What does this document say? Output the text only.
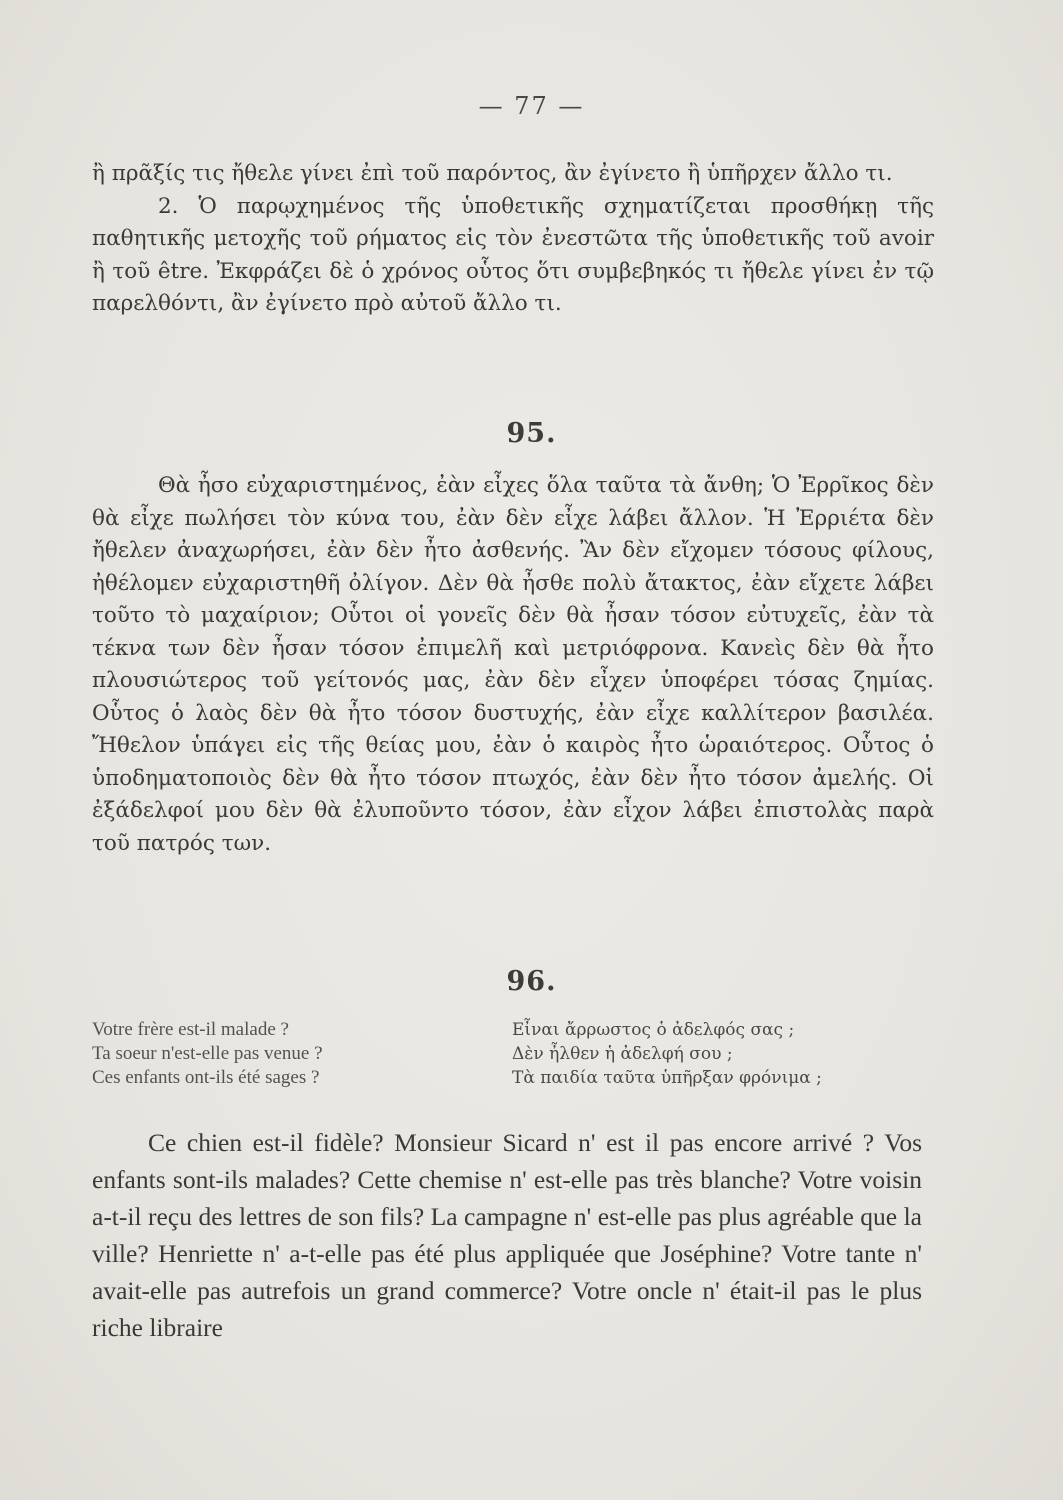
— 77 —

ἢ πρᾶξίς τις ἤθελε γίνει ἐπὶ τοῦ παρόντος, ἂν ἐγίνετο ἢ ὑπῆρχεν ἄλλο τι.

2. Ὁ παρῳχημένος τῆς ὑποθετικῆς σχηματίζεται προσθήκῃ τῆς παθητικῆς μετοχῆς τοῦ ρήματος εἰς τὸν ἐνεστῶτα τῆς ὑποθετικῆς τοῦ avoir ἢ τοῦ être. Ἐκφράζει δὲ ὁ χρόνος οὗτος ὅτι συμβεβηκός τι ἤθελε γίνει ἐν τῷ παρελθόντι, ἂν ἐγίνετο πρὸ αὐτοῦ ἄλλο τι.

95.

Θὰ ἦσο εὐχαριστημένος, ἐὰν εἶχες ὅλα ταῦτα τὰ ἄνθη; Ὁ Ἐρρῖκος δὲν θὰ εἶχε πωλήσει τὸν κύνα του, ἐὰν δὲν εἶχε λάβει ἄλλον. Ἡ Ἐρριέτα δὲν ἤθελεν ἀναχωρήσει, ἐὰν δὲν ἦτο ἀσθενής. Ἂν δὲν εἴχομεν τόσους φίλους, ἠθέλομεν εὐχαριστηθῆ ὀλίγον. Δὲν θὰ ἦσθε πολὺ ἄτακτος, ἐὰν εἴχετε λάβει τοῦτο τὸ μαχαίριον; Οὗτοι οἱ γονεῖς δὲν θὰ ἦσαν τόσον εὐτυχεῖς, ἐὰν τὰ τέκνα των δὲν ἦσαν τόσον ἐπιμελῆ καὶ μετριόφρονα. Κανεὶς δὲν θὰ ἦτο πλουσιώτερος τοῦ γείτονός μας, ἐὰν δὲν εἶχεν ὑποφέρει τόσας ζημίας. Οὗτος ὁ λαὸς δὲν θὰ ἦτο τόσον δυστυχής, ἐὰν εἶχε καλλίτερον βασιλέα. Ἤθελον ὑπάγει εἰς τῆς θείας μου, ἐὰν ὁ καιρὸς ἦτο ὡραιότερος. Οὗτος ὁ ὑποδηματοποιὸς δὲν θὰ ἦτο τόσον πτωχός, ἐὰν δὲν ἦτο τόσον ἀμελής. Οἱ ἐξάδελφοί μου δὲν θὰ ἐλυποῦντο τόσον, ἐὰν εἶχον λάβει ἐπιστολὰς παρὰ τοῦ πατρός των.

96.
Votre frère est-il malade ?
Ta soeur n'est-elle pas venue ?
Ces enfants ont-ils été sages ?
Εἶναι ἄρρωστος ὁ ἀδελφός σας ;
Δὲν ἦλθεν ἡ ἀδελφή σου ;
Τὰ παιδία ταῦτα ὑπῆρξαν φρόνιμα ;
Ce chien est-il fidèle? Monsieur Sicard n' est il pas encore arrivé ? Vos enfants sont-ils malades? Cette chemise n' est-elle pas très blanche? Votre voisin a-t-il reçu des lettres de son fils? La campagne n' est-elle pas plus agréable que la ville? Henriette n' a-t-elle pas été plus appliquée que Joséphine? Votre tante n' avait-elle pas autrefois un grand commerce? Votre oncle n' était-il pas le plus riche libraire
